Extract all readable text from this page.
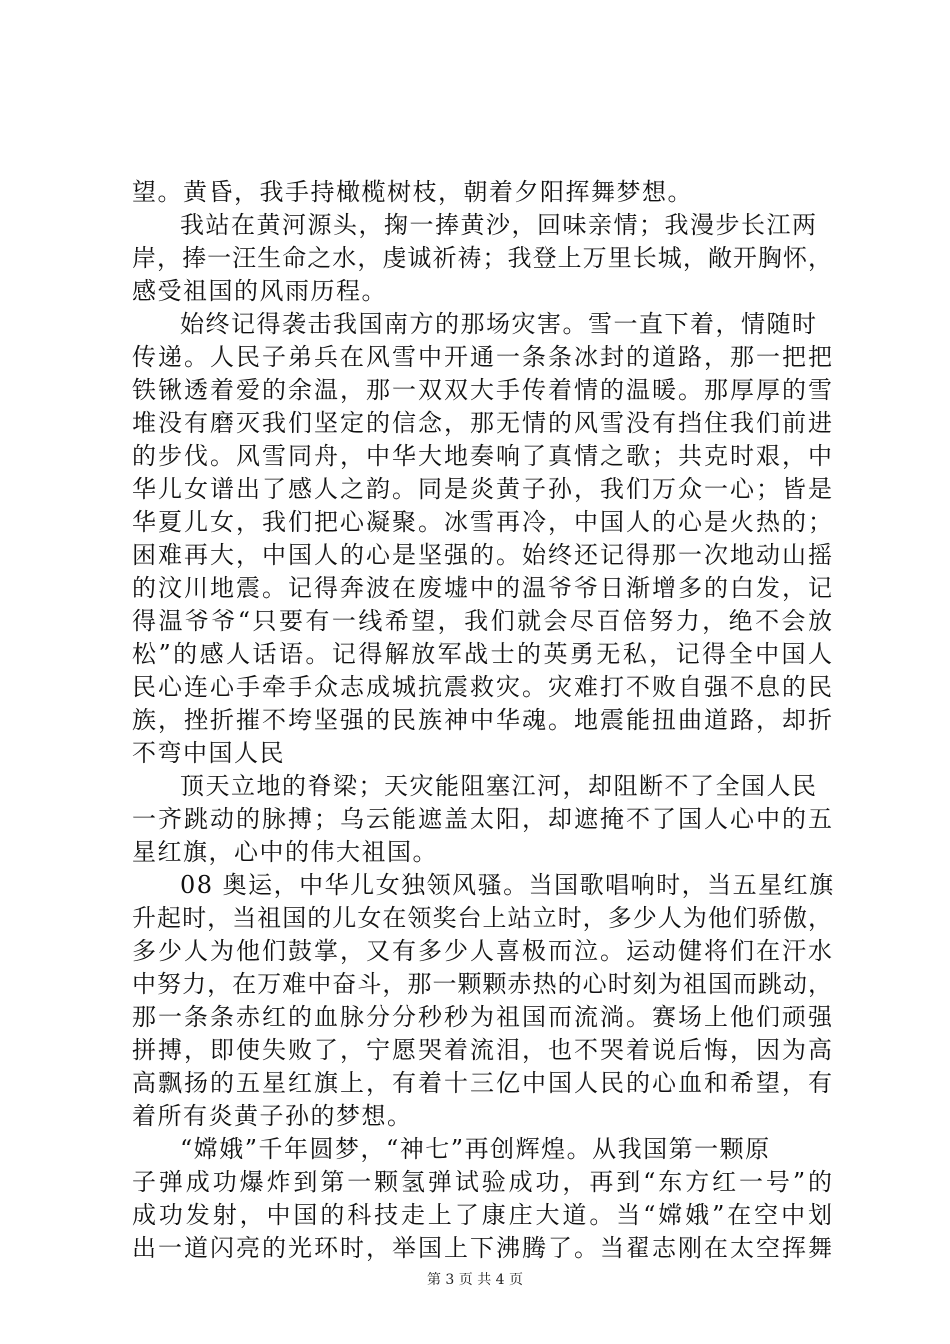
望。黄昏，我手持橄榄树枝，朝着夕阳挥舞梦想。
我站在黄河源头，掬一捧黄沙，回味亲情；我漫步长江两
岸，捧一汪生命之水，虔诚祈祷；我登上万里长城，敞开胸怀，
感受祖国的风雨历程。
始终记得袭击我国南方的那场灾害。雪一直下着，情随时
传递。人民子弟兵在风雪中开通一条条冰封的道路，那一把把
铁锹透着爱的余温，那一双双大手传着情的温暖。那厚厚的雪
堆没有磨灭我们坚定的信念，那无情的风雪没有挡住我们前进
的步伐。风雪同舟，中华大地奏响了真情之歌；共克时艰，中
华儿女谱出了感人之韵。同是炎黄子孙，我们万众一心；皆是
华夏儿女，我们把心凝聚。冰雪再冷，中国人的心是火热的；
困难再大，中国人的心是坚强的。始终还记得那一次地动山摇
的汶川地震。记得奔波在废墟中的温爷爷日渐增多的白发，记
得温爷爷“只要有一线希望，我们就会尽百倍努力，绝不会放
松”的感人话语。记得解放军战士的英勇无私，记得全中国人
民心连心手牵手众志成城抗震救灾。灾难打不败自强不息的民
族，挫折摧不垮坚强的民族神中华魂。地震能扭曲道路，却折
不弯中国人民
顶天立地的脊梁；天灾能阻塞江河，却阻断不了全国人民
一齐跳动的脉搏；乌云能遮盖太阳，却遮掩不了国人心中的五
星红旗，心中的伟大祖国。
08 奥运，中华儿女独领风骚。当国歌唱响时，当五星红旗
升起时，当祖国的儿女在领奖台上站立时，多少人为他们骄傲，
多少人为他们鼓掌，又有多少人喜极而泣。运动健将们在汗水
中努力，在万难中奋斗，那一颗颗赤热的心时刻为祖国而跳动，
那一条条赤红的血脉分分秒秒为祖国而流淌。赛场上他们顽强
拼搏，即使失败了，宁愿哭着流泪，也不哭着说后悔，因为高
高飘扬的五星红旗上，有着十三亿中国人民的心血和希望，有
着所有炎黄子孙的梦想。
“嫦娥”千年圆梦，“神七”再创辉煌。从我国第一颗原
子弹成功爆炸到第一颗氢弹试验成功，再到“东方红一号”的
成功发射，中国的科技走上了康庄大道。当“嫦娥”在空中划
出一道闪亮的光环时，举国上下沸腾了。当翟志刚在太空挥舞
第 3 页 共 4 页
